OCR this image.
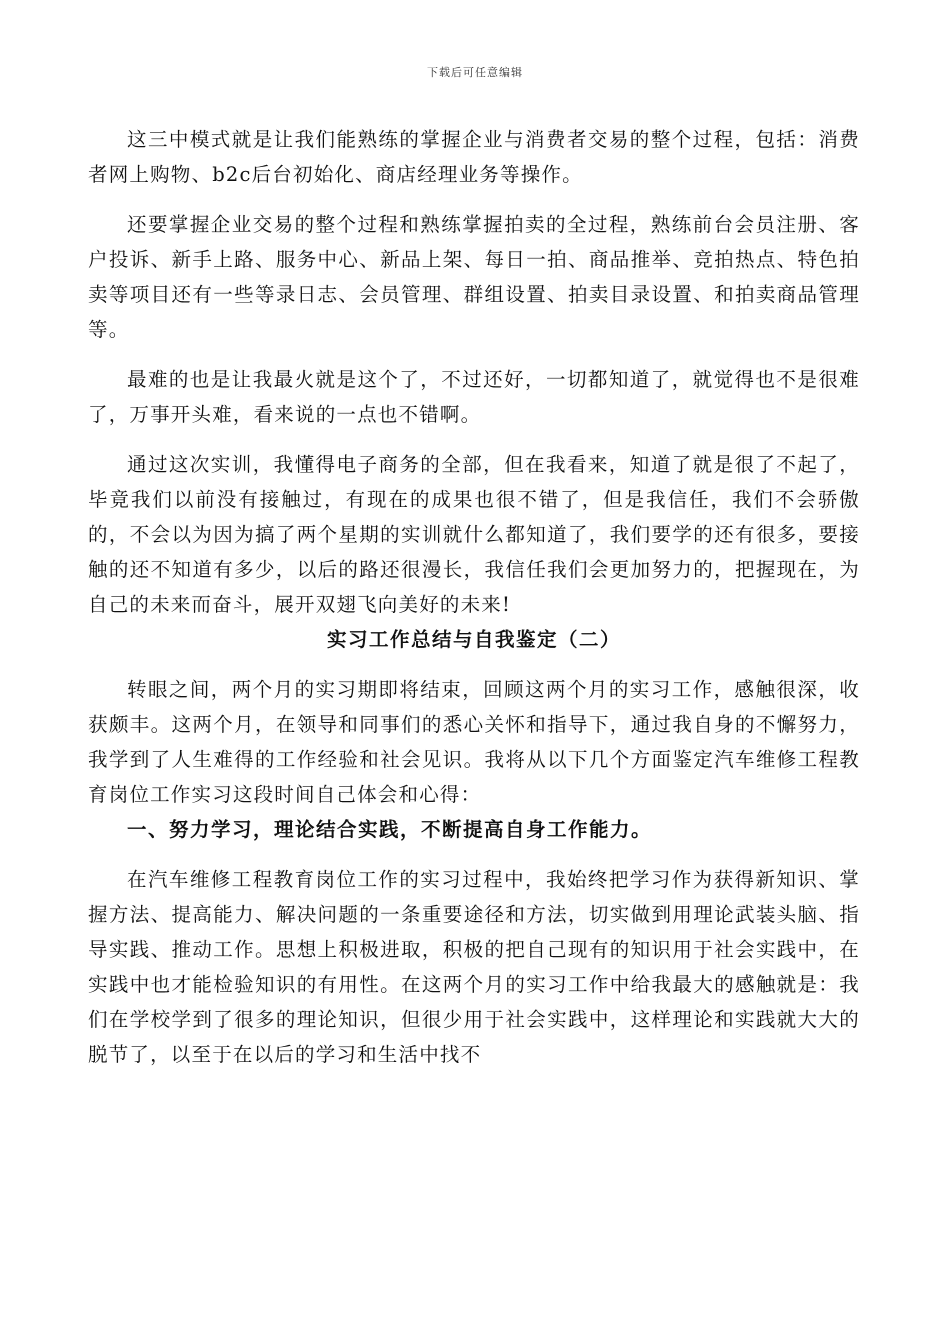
下载后可任意编辑

这三中模式就是让我们能熟练的掌握企业与消费者交易的整个过程，包括：消费者网上购物、b2c后台初始化、商店经理业务等操作。

还要掌握企业交易的整个过程和熟练掌握拍卖的全过程，熟练前台会员注册、客户投诉、新手上路、服务中心、新品上架、每日一拍、商品推举、竞拍热点、特色拍卖等项目还有一些等录日志、会员管理、群组设置、拍卖目录设置、和拍卖商品管理等。

最难的也是让我最火就是这个了，不过还好，一切都知道了，就觉得也不是很难了，万事开头难，看来说的一点也不错啊。

通过这次实训，我懂得电子商务的全部，但在我看来，知道了就是很了不起了，毕竟我们以前没有接触过，有现在的成果也很不错了，但是我信任，我们不会骄傲的，不会以为因为搞了两个星期的实训就什么都知道了，我们要学的还有很多，要接触的还不知道有多少，以后的路还很漫长，我信任我们会更加努力的，把握现在，为自己的未来而奋斗，展开双翅飞向美好的未来!

实习工作总结与自我鉴定（二）

转眼之间，两个月的实习期即将结束，回顾这两个月的实习工作，感触很深，收获颇丰。这两个月，在领导和同事们的悉心关怀和指导下，通过我自身的不懈努力，我学到了人生难得的工作经验和社会见识。我将从以下几个方面鉴定汽车维修工程教育岗位工作实习这段时间自己体会和心得：

一、努力学习，理论结合实践，不断提高自身工作能力。

在汽车维修工程教育岗位工作的实习过程中，我始终把学习作为获得新知识、掌握方法、提高能力、解决问题的一条重要途径和方法，切实做到用理论武装头脑、指导实践、推动工作。思想上积极进取，积极的把自己现有的知识用于社会实践中，在实践中也才能检验知识的有用性。在这两个月的实习工作中给我最大的感触就是：我们在学校学到了很多的理论知识，但很少用于社会实践中，这样理论和实践就大大的脱节了，以至于在以后的学习和生活中找不
